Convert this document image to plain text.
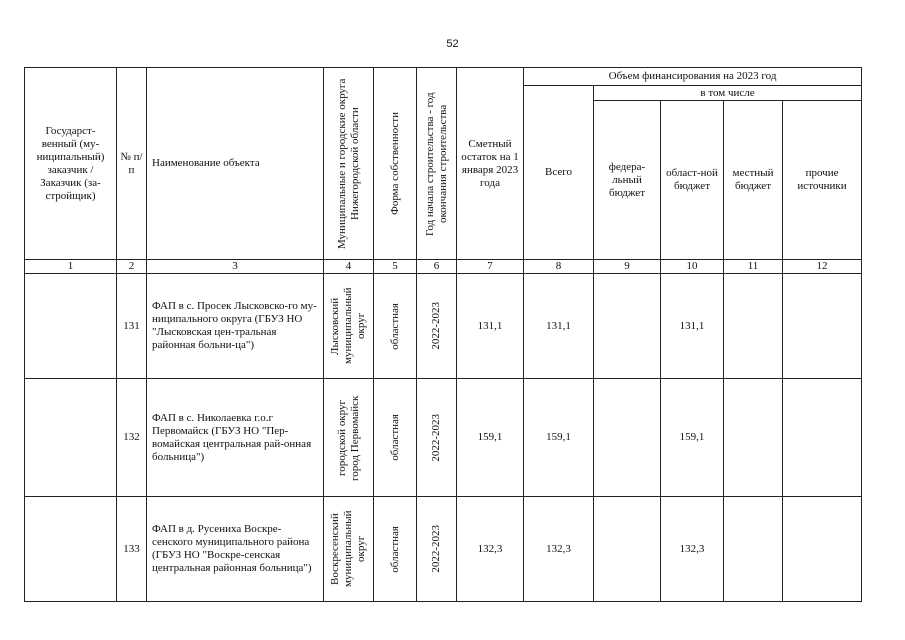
52
Государст-венный (му-ниципальный) заказчик / Заказчик (за-стройщик)	№ п/п	Наименование объекта	Муниципальные и городские округа Нижегородской области	Форма собственности	Год начала строительства - год окончания строительства	Сметный остаток на 1 января 2023 года	Объем финансирования на 2023 год				
							Всего	в том числе			

								федера-льный бюджет	област-ной бюджет	местный бюджет	прочие источники

1	2	3	4	5	6	7	8	9	10	11	12
	131	ФАП в с. Просек Лысковско-го му-ниципального округа (ГБУЗ НО "Лысковская цен-тральная районная больни-ца")	Лысковский муниципальный округ	областная	2022-2023	131,1	131,1		131,1		
	132	ФАП в с. Николаевка г.о.г Первомайск (ГБУЗ НО "Пер-вомайская центральная рай-онная больница")	городской округ город Первомайск	областная	2022-2023	159,1	159,1		159,1		
	133	ФАП в д. Русениха Воскре-сенского муниципального района (ГБУЗ НО "Воскре-сенская центральная районная больница")	Воскресенский муниципальный округ	областная	2022-2023	132,3	132,3		132,3		
